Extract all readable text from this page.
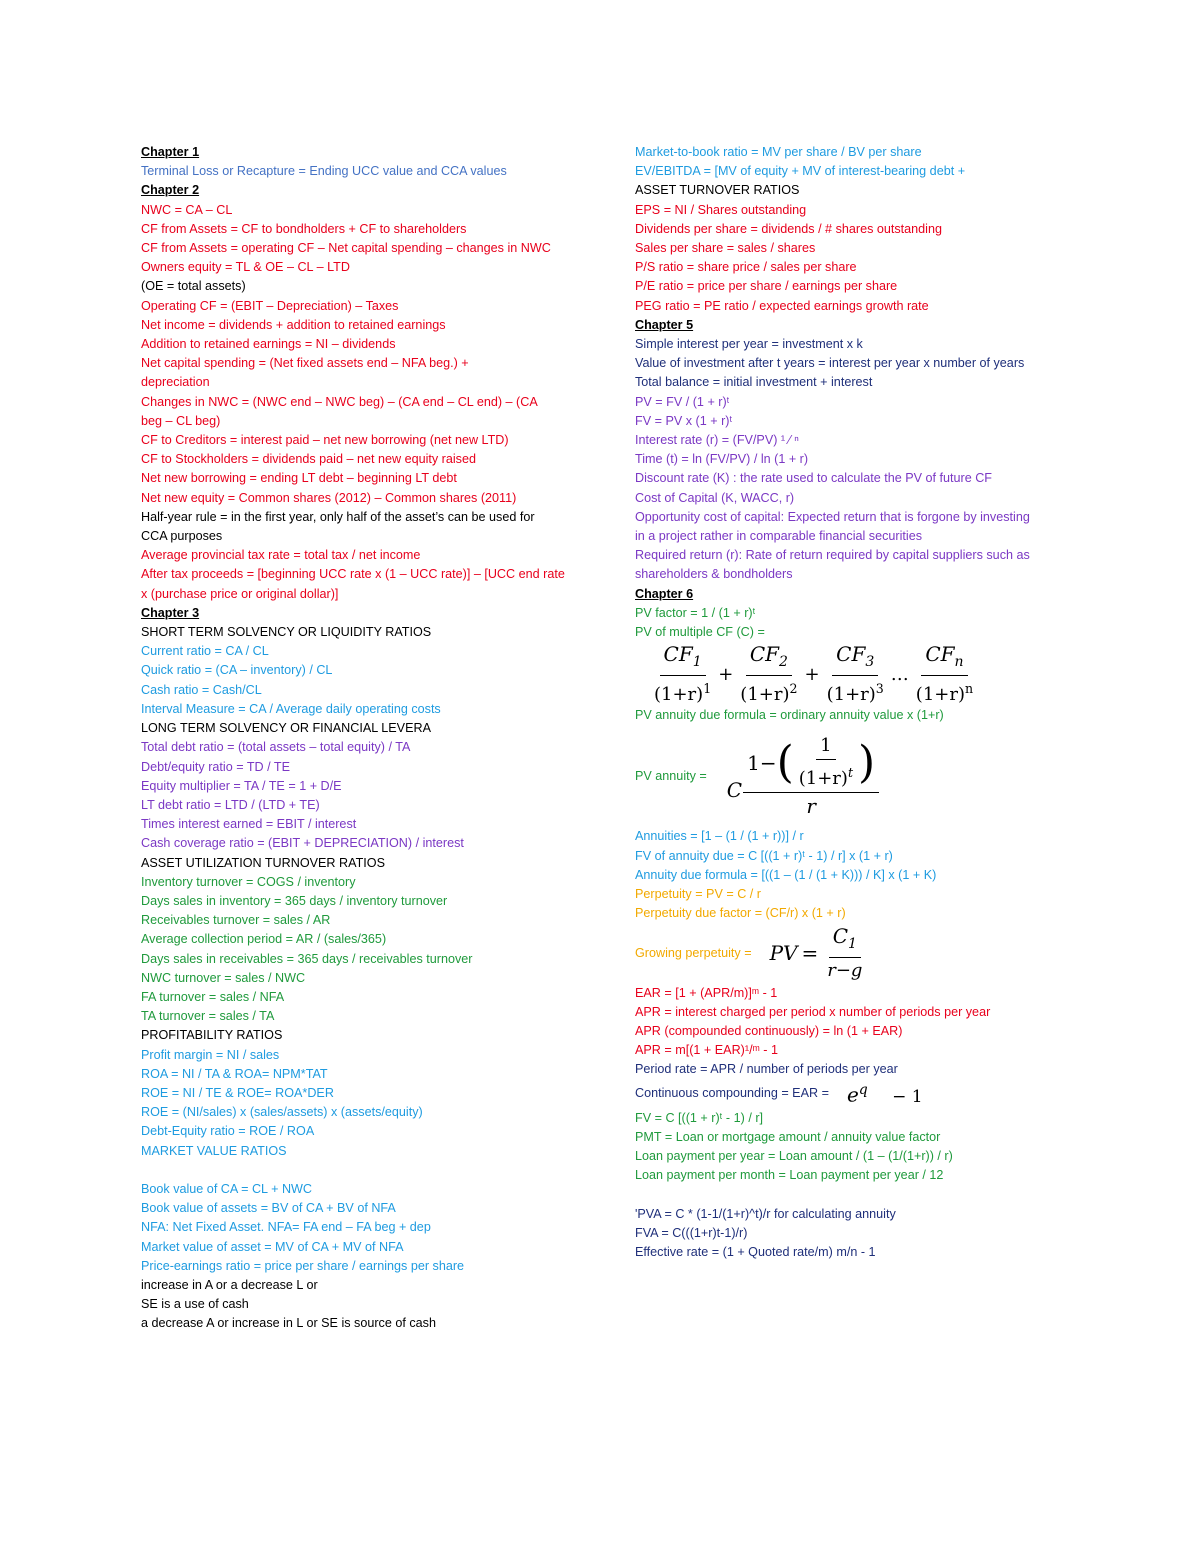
Chapter 1
Terminal Loss or Recapture = Ending UCC value and CCA values
Chapter 2
NWC = CA – CL
CF from Assets = CF to bondholders + CF to shareholders
CF from Assets = operating CF – Net capital spending – changes in NWC
Owners equity = TL & OE – CL – LTD
(OE = total assets)
Operating CF = (EBIT – Depreciation) – Taxes
Net income = dividends + addition to retained earnings
Addition to retained earnings = NI – dividends
Net capital spending = (Net fixed assets end – NFA beg.) + depreciation
Changes in NWC = (NWC end – NWC beg) – (CA end – CL end) – (CA beg – CL beg)
CF to Creditors = interest paid – net new borrowing (net new LTD)
CF to Stockholders = dividends paid – net new equity raised
Net new borrowing = ending LT debt – beginning LT debt
Net new equity = Common shares (2012) – Common shares (2011)
Half-year rule = in the first year, only half of the asset’s can be used for CCA purposes
Average provincial tax rate = total tax / net income
After tax proceeds = [beginning UCC rate x (1 – UCC rate)] – [UCC end rate x (purchase price or original dollar)]
Chapter 3
SHORT TERM SOLVENCY OR LIQUIDITY RATIOS
Current ratio = CA / CL
Quick ratio = (CA – inventory) / CL
Cash ratio = Cash/CL
Interval Measure = CA / Average daily operating costs
LONG TERM SOLVENCY OR FINANCIAL LEVERA
Total debt ratio = (total assets – total equity) / TA
Debt/equity ratio = TD / TE
Equity multiplier = TA / TE = 1 + D/E
LT debt ratio = LTD / (LTD + TE)
Times interest earned = EBIT / interest
Cash coverage ratio = (EBIT + DEPRECIATION) / interest
ASSET UTILIZATION TURNOVER RATIOS
Inventory turnover = COGS / inventory
Days sales in inventory = 365 days / inventory turnover
Receivables turnover = sales / AR
Average collection period = AR / (sales/365)
Days sales in receivables = 365 days / receivables turnover
NWC turnover = sales / NWC
FA turnover = sales / NFA
TA turnover = sales / TA
PROFITABILITY RATIOS
Profit margin = NI / sales
ROA = NI / TA & ROA= NPM*TAT
ROE = NI / TE & ROE= ROA*DER
ROE = (NI/sales) x (sales/assets) x (assets/equity)
Debt-Equity ratio = ROE / ROA
MARKET VALUE RATIOS
Book value of CA = CL + NWC
Book value of assets = BV of CA + BV of NFA
NFA: Net Fixed Asset. NFA= FA end – FA beg + dep
Market value of asset = MV of CA + MV of NFA
Price-earnings ratio = price per share / earnings per share
increase in A or a decrease L or
SE is a use of cash
a decrease A or increase in L or SE is source of cash
Market-to-book ratio = MV per share / BV per share
EV/EBITDA = [MV of equity + MV of interest-bearing debt +
ASSET TURNOVER RATIOS
EPS = NI / Shares outstanding
Dividends per share = dividends / # shares outstanding
Sales per share = sales / shares
P/S ratio = share price / sales per share
P/E ratio = price per share / earnings per share
PEG ratio = PE ratio / expected earnings growth rate
Chapter 5
Simple interest per year = investment x k
Value of investment after t years = interest per year x number of years
Total balance = initial investment + interest
PV = FV / (1 + r)ᵗ
FV = PV x (1 + r)ᵗ
Interest rate (r) = (FV/PV) ¹ ⁄ ⁿ
Time (t) = ln (FV/PV) / ln (1 + r)
Discount rate (K) : the rate used to calculate the PV of future CF
Cost of Capital (K, WACC, r)
Opportunity cost of capital: Expected return that is forgone by investing in a project rather in comparable financial securities
Required return (r): Rate of return required by capital suppliers such as shareholders & bondholders
Chapter 6
PV factor = 1 / (1 + r)ᵗ
PV of multiple CF (C) =
$\frac{CF_1}{(1+r)^1} + \frac{CF_2}{(1+r)^2} + \frac{CF_3}{(1+r)^3}$ … $\frac{CF_n}{(1+r)^n}$
PV annuity due formula = ordinary annuity value x (1+r)
PV annuity =
C
1 − ( $\frac{1}{(1+r)^t}$ )
r
Annuities = [1 – (1 / (1 + r))] / r
FV of annuity due = C [((1 + r)ᵗ - 1) / r] x (1 + r)
Annuity due formula = [((1 – (1 / (1 + K))) / K] x (1 + K)
Perpetuity = PV = C / r
Perpetuity due factor = (CF/r) x (1 + r)
Growing perpetuity = PV = $\frac{C_1}{r-g}$
EAR = [1 + (APR/m)]ᵐ - 1
APR = interest charged per period x number of periods per year
APR (compounded continuously) = ln (1 + EAR)
APR = m[(1 + EAR)¹/ᵐ - 1
Period rate = APR / number of periods per year
Continuous compounding = EAR = $e^q - 1$
FV = C [((1 + r)ᵗ - 1) / r]
PMT = Loan or mortgage amount / annuity value factor
Loan payment per year = Loan amount / (1 – (1/(1+r)) / r)
Loan payment per month = Loan payment per year / 12
'PVA = C * (1-1/(1+r)^t)/r for calculating annuity
FVA = C(((1+r)t-1)/r)
Effective rate = (1 + Quoted rate/m) m/n - 1
